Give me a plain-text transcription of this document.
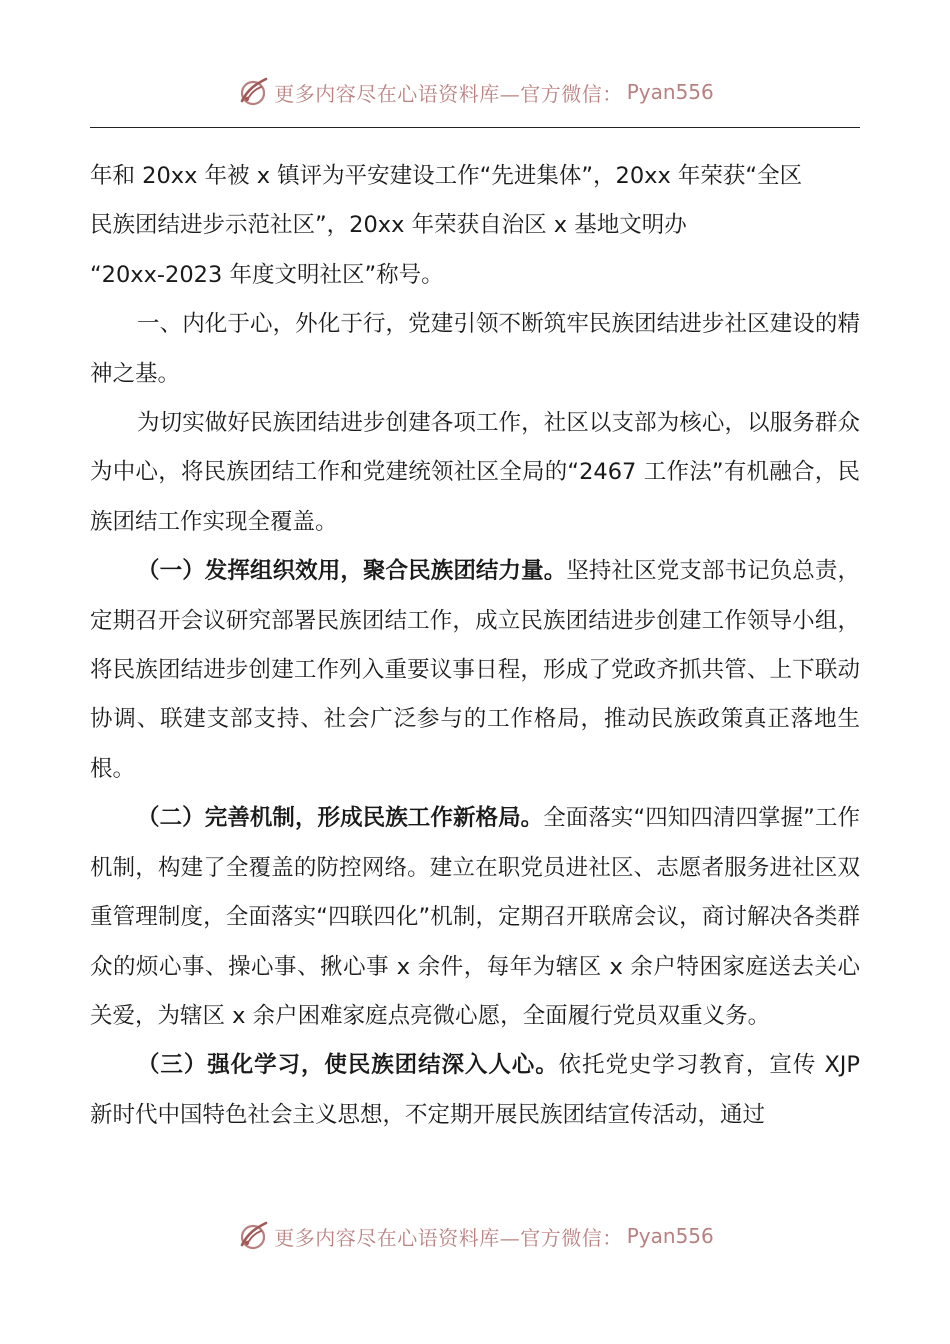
更多内容尽在心语资料库—官方微信： Pyan556

年和 20xx 年被 x 镇评为平安建设工作“先进集体”，20xx 年荣获“全区

民族团结进步示范社区”，20xx 年荣获自治区 x 基地文明办

“20xx-2023 年度文明社区”称号。

一、内化于心，外化于行，党建引领不断筑牢民族团结进步社区建设的精神之基。

为切实做好民族团结进步创建各项工作，社区以支部为核心，以服务群众为中心，将民族团结工作和党建统领社区全局的“2467 工作法”有机融合，民族团结工作实现全覆盖。

（一）发挥组织效用，聚合民族团结力量。坚持社区党支部书记负总责，定期召开会议研究部署民族团结工作，成立民族团结进步创建工作领导小组，将民族团结进步创建工作列入重要议事日程，形成了党政齐抓共管、上下联动协调、联建支部支持、社会广泛参与的工作格局，推动民族政策真正落地生根。

（二）完善机制，形成民族工作新格局。全面落实“四知四清四掌握”工作机制，构建了全覆盖的防控网络。建立在职党员进社区、志愿者服务进社区双重管理制度，全面落实“四联四化”机制，定期召开联席会议，商讨解决各类群众的烦心事、操心事、揪心事 x 余件，每年为辖区 x 余户特困家庭送去关心关爱，为辖区 x 余户困难家庭点亮微心愿，全面履行党员双重义务。

（三）强化学习，使民族团结深入人心。依托党史学习教育，宣传 XJP 新时代中国特色社会主义思想，不定期开展民族团结宣传活动，通过

更多内容尽在心语资料库—官方微信： Pyan556
